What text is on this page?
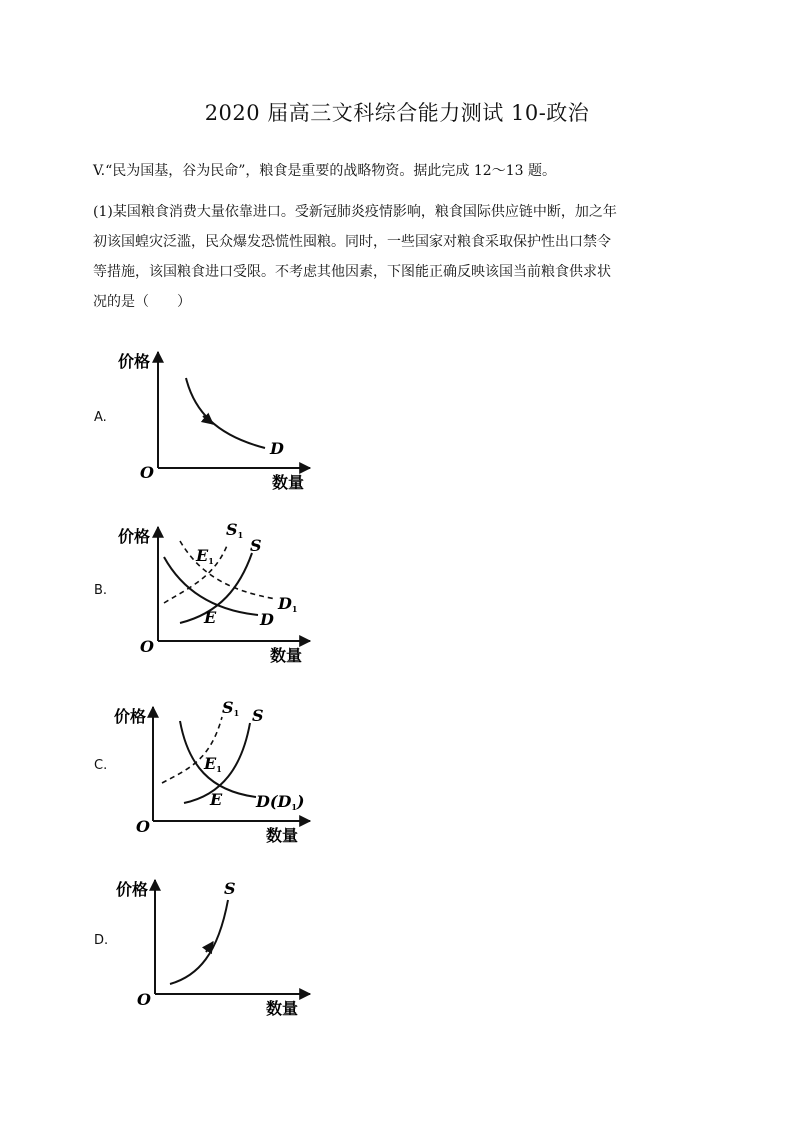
2020 届高三文科综合能力测试 10-政治
V.“民为国基，谷为民命”，粮食是重要的战略物资。据此完成 12～13 题。
(1)某国粮食消费大量依靠进口。受新冠肺炎疫情影响，粮食国际供应链中断，加之年
初该国蝗灾泛滥，民众爆发恐慌性囤粮。同时，一些国家对粮食采取保护性出口禁令
等措施，该国粮食进口受限。不考虑其他因素，下图能正确反映该国当前粮食供求状
况的是（　　）
A.
价格
数量
O
D
B.
价格
数量
O
S1
S
E1
D1
E	D
C.
价格
数量
O
S1 S
E1
E D(D1)
D.
价格
数量
O
S
